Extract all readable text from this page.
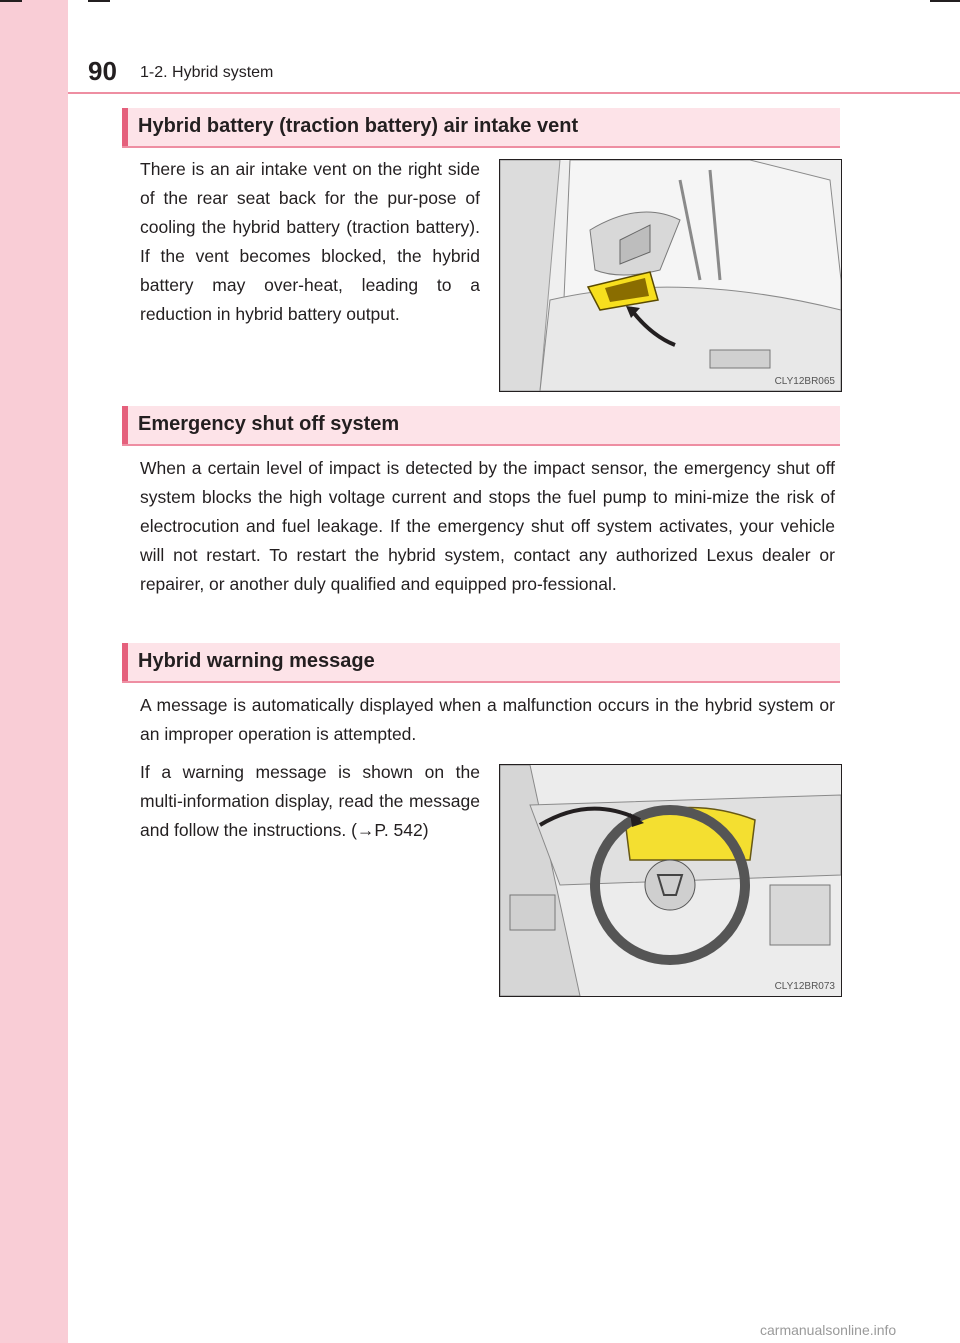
90 1-2. Hybrid system
Hybrid battery (traction battery) air intake vent
There is an air intake vent on the right side of the rear seat back for the pur-pose of cooling the hybrid battery (traction battery). If the vent becomes blocked, the hybrid battery may over-heat, leading to a reduction in hybrid battery output.
CLY12BR065
Emergency shut off system
When a certain level of impact is detected by the impact sensor, the emergency shut off system blocks the high voltage current and stops the fuel pump to mini-mize the risk of electrocution and fuel leakage. If the emergency shut off system activates, your vehicle will not restart. To restart the hybrid system, contact any authorized Lexus dealer or repairer, or another duly qualified and equipped pro-fessional.
Hybrid warning message
A message is automatically displayed when a malfunction occurs in the hybrid system or an improper operation is attempted.
If a warning message is shown on the multi-information display, read the message and follow the instructions. (→P. 542)
CLY12BR073
carmanualsonline.info
